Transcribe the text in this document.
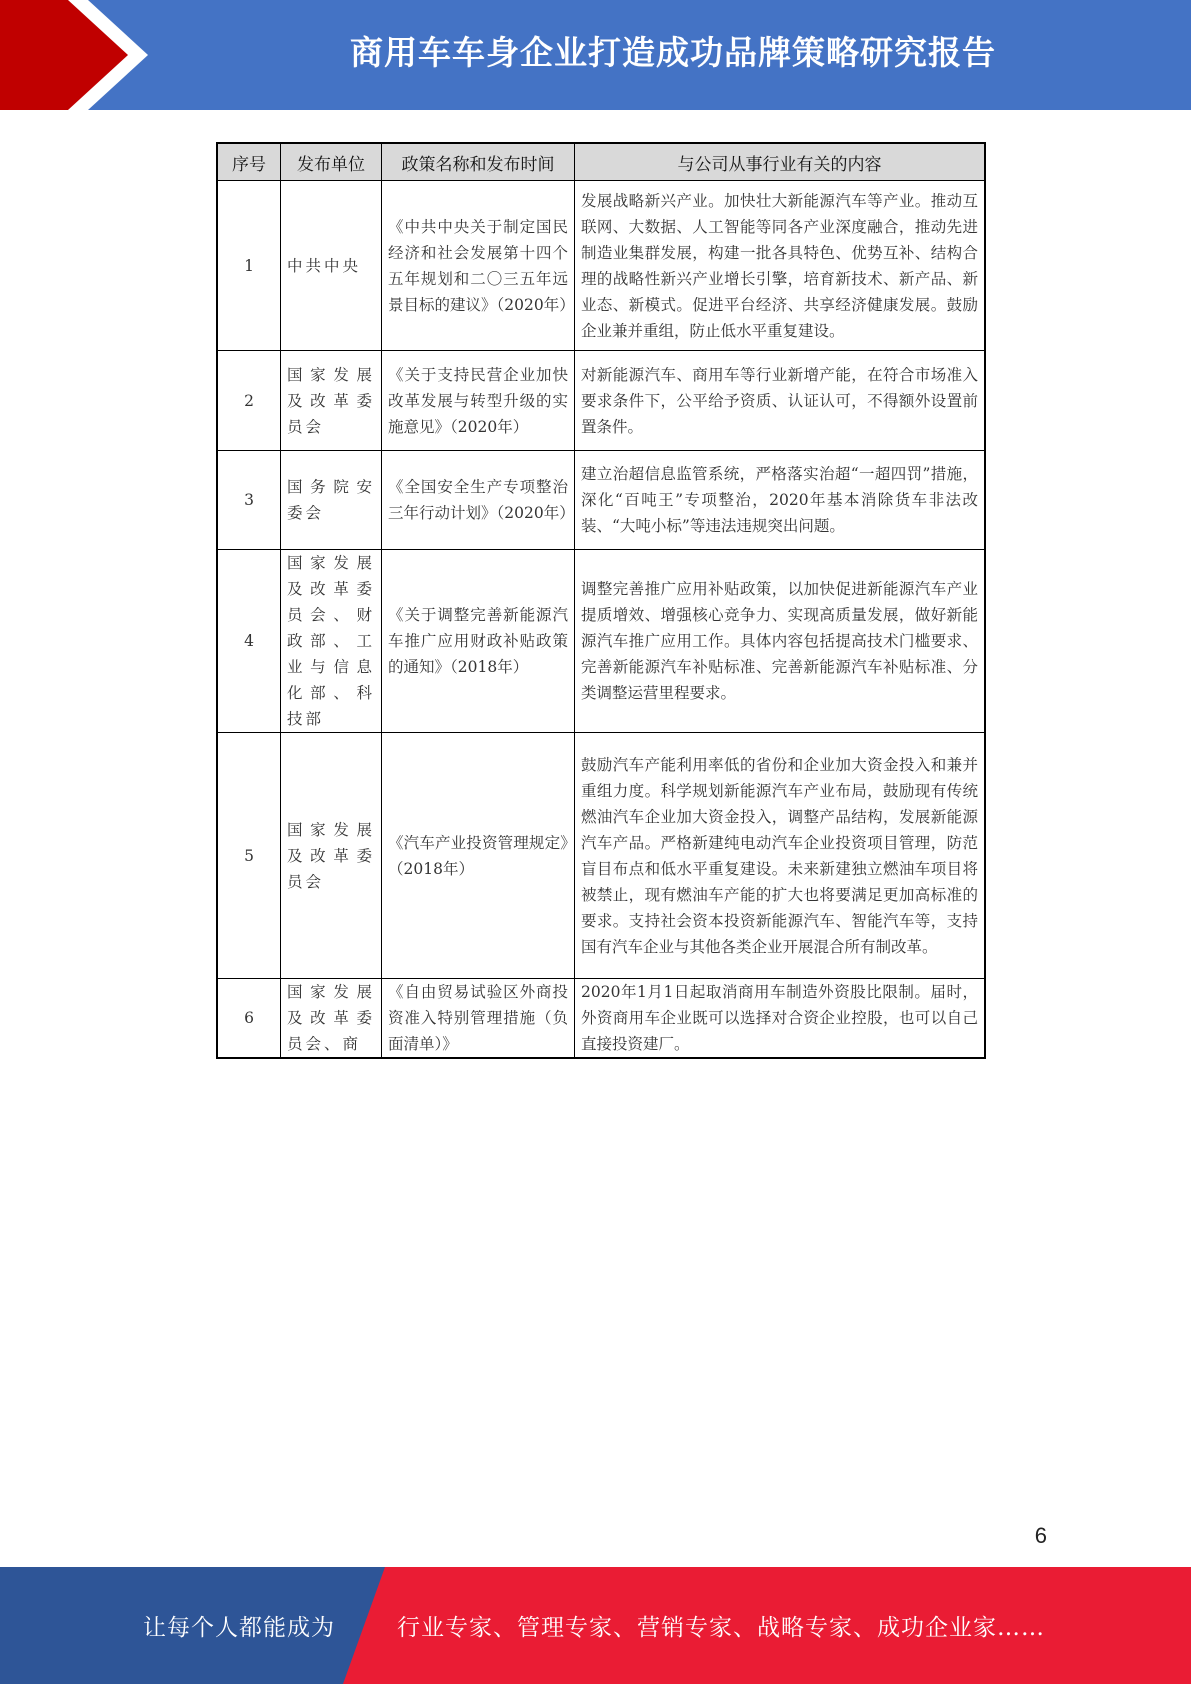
商用车车身企业打造成功品牌策略研究报告
序号	发布单位	政策名称和发布时间	与公司从事行业有关的内容
1	中共中央	《中共中央关于制定国民经济和社会发展第十四个五年规划和二〇三五年远景目标的建议》（2020年）	发展战略新兴产业。加快壮大新能源汽车等产业。推动互联网、大数据、人工智能等同各产业深度融合，推动先进制造业集群发展，构建一批各具特色、优势互补、结构合理的战略性新兴产业增长引擎，培育新技术、新产品、新业态、新模式。促进平台经济、共享经济健康发展。鼓励企业兼并重组，防止低水平重复建设。
2	国家发展及改革委员会	《关于支持民营企业加快改革发展与转型升级的实施意见》（2020年）	对新能源汽车、商用车等行业新增产能，在符合市场准入要求条件下，公平给予资质、认证认可，不得额外设置前置条件。
3	国务院安委会	《全国安全生产专项整治三年行动计划》（2020年）	建立治超信息监管系统，严格落实治超“一超四罚”措施，深化“百吨王”专项整治，2020年基本消除货车非法改装、“大吨小标”等违法违规突出问题。
4	国家发展及改革委员会、财政部、工业与信息化部、科技部	《关于调整完善新能源汽车推广应用财政补贴政策的通知》（2018年）	调整完善推广应用补贴政策，以加快促进新能源汽车产业提质增效、增强核心竞争力、实现高质量发展，做好新能源汽车推广应用工作。具体内容包括提高技术门槛要求、完善新能源汽车补贴标准、完善新能源汽车补贴标准、分类调整运营里程要求。
5	国家发展及改革委员会	《汽车产业投资管理规定》（2018年）	鼓励汽车产能利用率低的省份和企业加大资金投入和兼并重组力度。科学规划新能源汽车产业布局，鼓励现有传统燃油汽车企业加大资金投入，调整产品结构，发展新能源汽车产品。严格新建纯电动汽车企业投资项目管理，防范盲目布点和低水平重复建设。未来新建独立燃油车项目将被禁止，现有燃油车产能的扩大也将要满足更加高标准的要求。支持社会资本投资新能源汽车、智能汽车等，支持国有汽车企业与其他各类企业开展混合所有制改革。
6	国家发展及改革委员会、商	《自由贸易试验区外商投资准入特别管理措施（负面清单）》	2020年1月1日起取消商用车制造外资股比限制。届时，外资商用车企业既可以选择对合资企业控股，也可以自己直接投资建厂。
6
让每个人都能成为	行业专家、管理专家、营销专家、战略专家、成功企业家……
